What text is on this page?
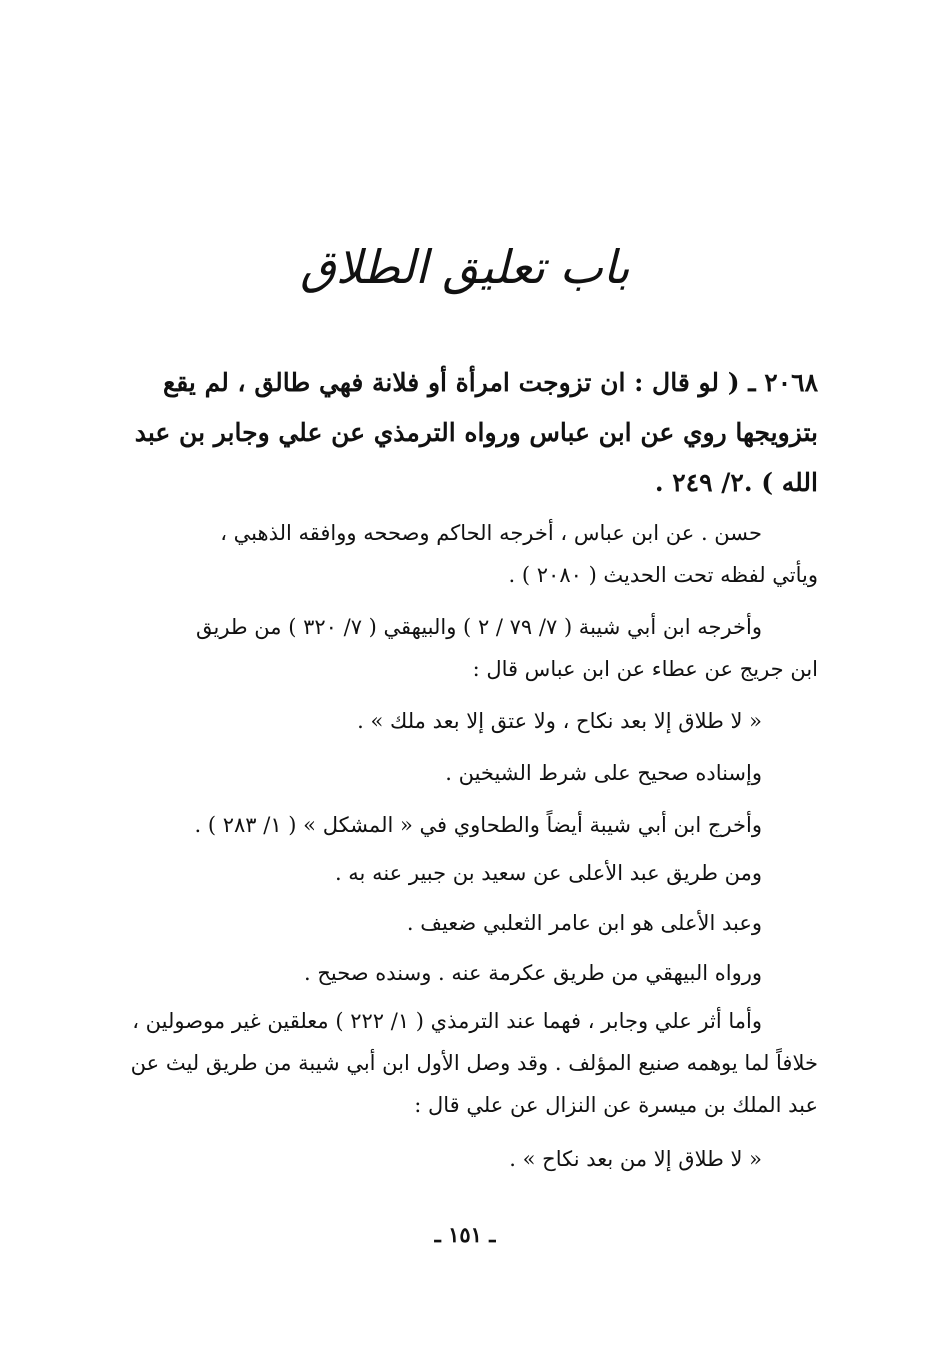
باب تعليق الطلاق
٢٠٦٨ ـ ( لو قال : ان تزوجت امرأة أو فلانة فهي طالق ، لم يقع
بتزويجها روي عن ابن عباس ورواه الترمذي عن علي وجابر بن عبد
الله ) .٢/ ٢٤٩ .
حسن . عن ابن عباس ، أخرجه الحاكم وصححه ووافقه الذهبي ،
ويأتي لفظه تحت الحديث ( ٢٠٨٠ ) .
وأخرجه ابن أبي شيبة ( ٧/ ٧٩ / ٢ ) والبيهقي ( ٧/ ٣٢٠ ) من طريق
ابن جريج عن عطاء عن ابن عباس قال :
« لا طلاق إلا بعد نكاح ، ولا عتق إلا بعد ملك » .
وإسناده صحيح على شرط الشيخين .
وأخرج ابن أبي شيبة أيضاً والطحاوي في « المشكل » ( ١/ ٢٨٣ ) .
ومن طريق عبد الأعلى عن سعيد بن جبير عنه به .
وعبد الأعلى هو ابن عامر الثعلبي ضعيف .
ورواه البيهقي من طريق عكرمة عنه . وسنده صحيح .
وأما أثر علي وجابر ، فهما عند الترمذي ( ١/ ٢٢٢ ) معلقين غير موصولين ،
خلافاً لما يوهمه صنيع المؤلف . وقد وصل الأول ابن أبي شيبة من طريق ليث عن
عبد الملك بن ميسرة عن النزال عن علي قال :
« لا طلاق إلا من بعد نكاح » .
ـ ١٥١ ـ
